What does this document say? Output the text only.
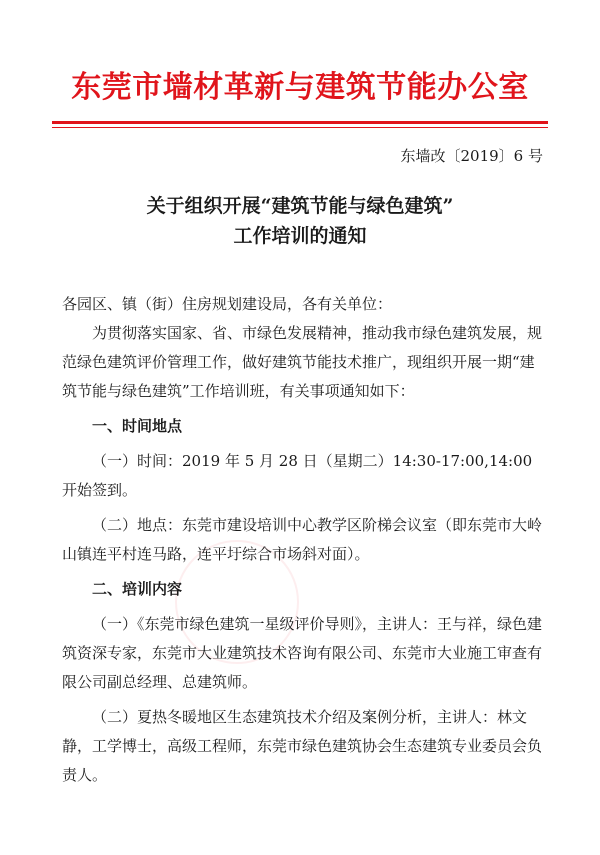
东莞市墙材革新与建筑节能办公室
东墙改〔2019〕6 号
关于组织开展“建筑节能与绿色建筑”
工作培训的通知

各园区、镇（街）住房规划建设局，各有关单位：

为贯彻落实国家、省、市绿色发展精神，推动我市绿色建筑发展，规范绿色建筑评价管理工作，做好建筑节能技术推广，现组织开展一期“建筑节能与绿色建筑”工作培训班，有关事项通知如下：

一、时间地点

（一）时间：2019 年 5 月 28 日（星期二）14:30-17:00,14:00 开始签到。

（二）地点：东莞市建设培训中心教学区阶梯会议室（即东莞市大岭山镇连平村连马路，连平圩综合市场斜对面）。

二、培训内容

（一）《东莞市绿色建筑一星级评价导则》，主讲人：王与祥，绿色建筑资深专家，东莞市大业建筑技术咨询有限公司、东莞市大业施工审查有限公司副总经理、总建筑师。

（二）夏热冬暖地区生态建筑技术介绍及案例分析，主讲人：林文静，工学博士，高级工程师，东莞市绿色建筑协会生态建筑专业委员会负责人。
